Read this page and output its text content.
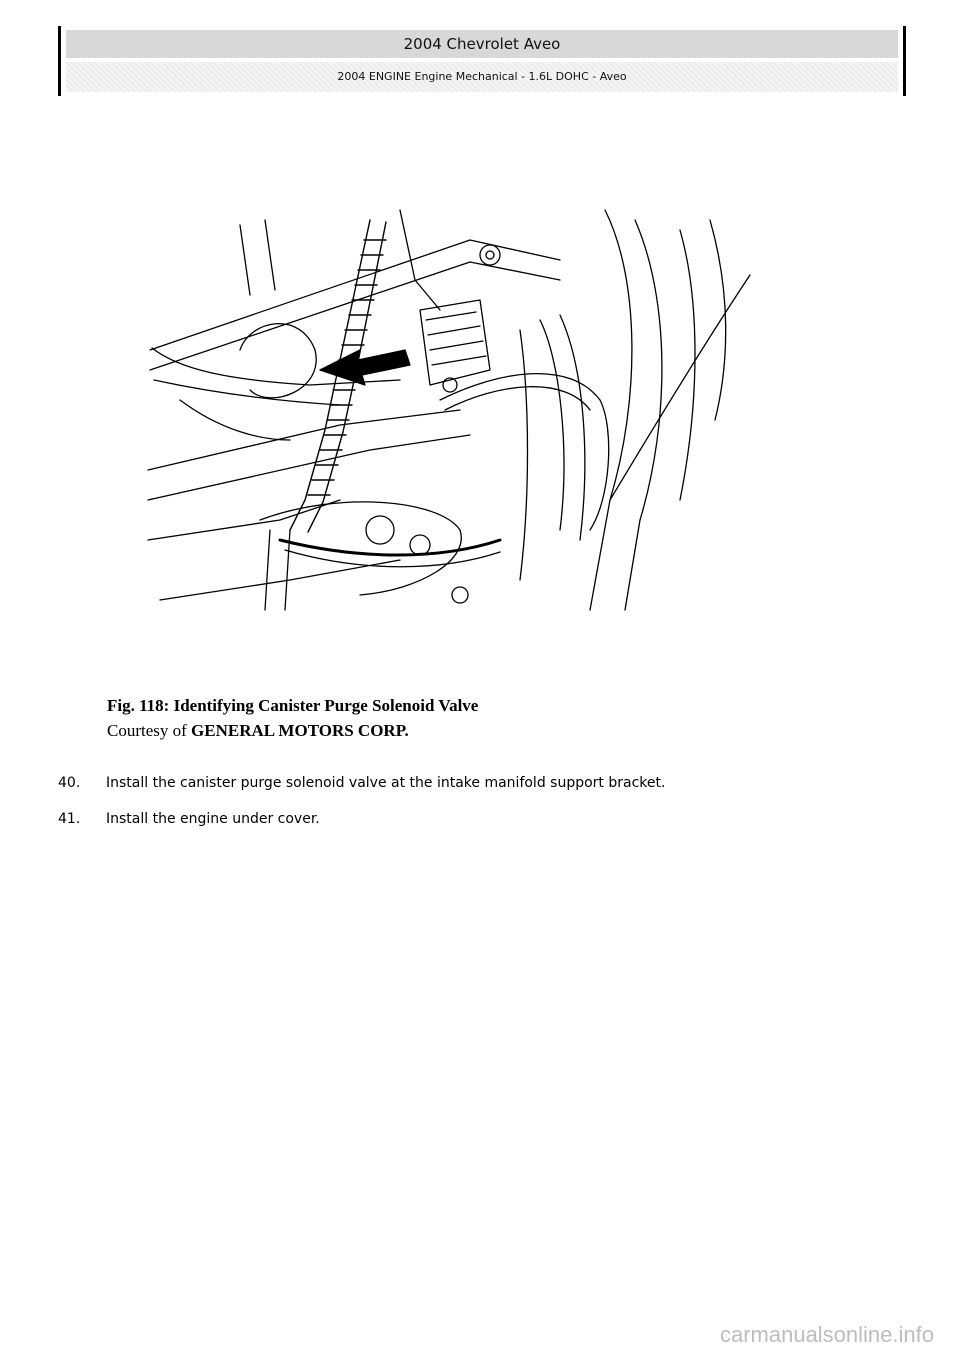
2004 Chevrolet Aveo
2004 ENGINE Engine Mechanical - 1.6L DOHC - Aveo
Fig. 118: Identifying Canister Purge Solenoid Valve
Courtesy of GENERAL MOTORS CORP.
40.	Install the canister purge solenoid valve at the intake manifold support bracket.
41.	Install the engine under cover.
carmanualsonline.info
